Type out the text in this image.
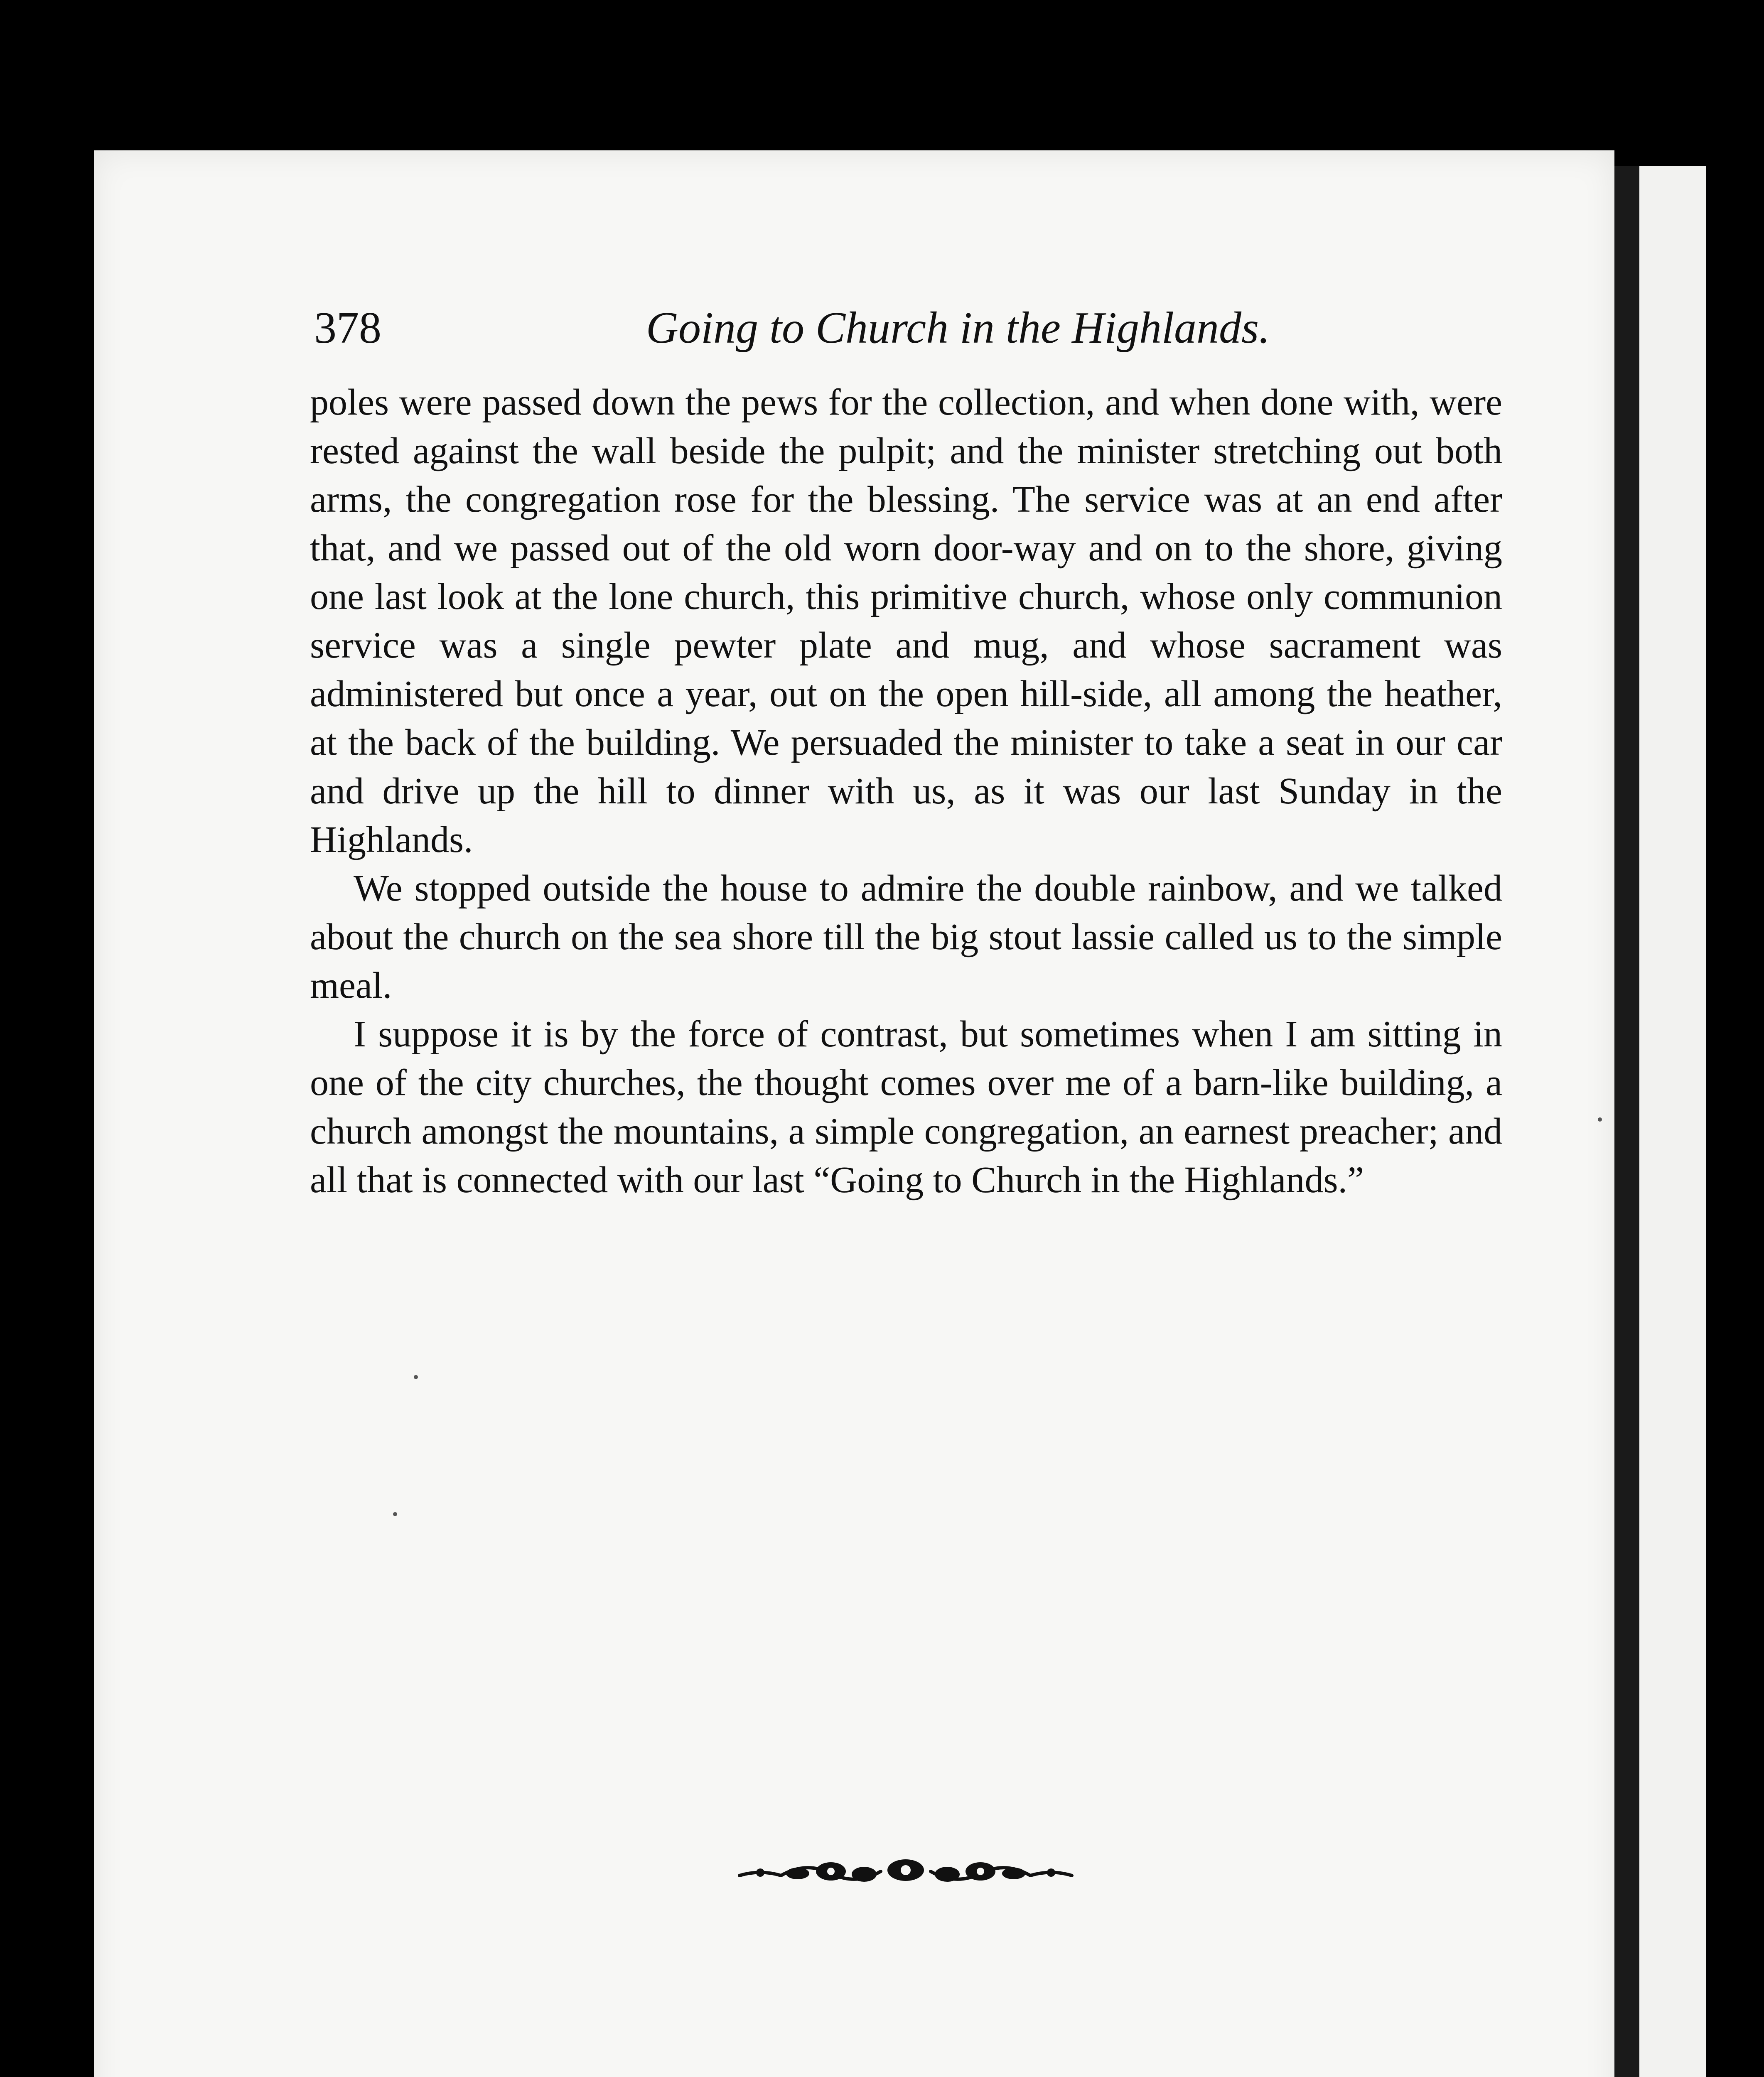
378	Going to Church in the Highlands.

poles were passed down the pews for the collection, and when done with, were rested against the wall beside the pulpit; and the minister stretching out both arms, the congregation rose for the blessing. The service was at an end after that, and we passed out of the old worn door-way and on to the shore, giving one last look at the lone church, this primitive church, whose only communion service was a single pewter plate and mug, and whose sacrament was administered but once a year, out on the open hill-side, all among the heather, at the back of the building. We persuaded the minister to take a seat in our car and drive up the hill to dinner with us, as it was our last Sunday in the Highlands.

We stopped outside the house to admire the double rainbow, and we talked about the church on the sea shore till the big stout lassie called us to the simple meal.

I suppose it is by the force of contrast, but sometimes when I am sitting in one of the city churches, the thought comes over me of a barn-like building, a church amongst the mountains, a simple congregation, an earnest preacher; and all that is connected with our last “Going to Church in the Highlands.”
